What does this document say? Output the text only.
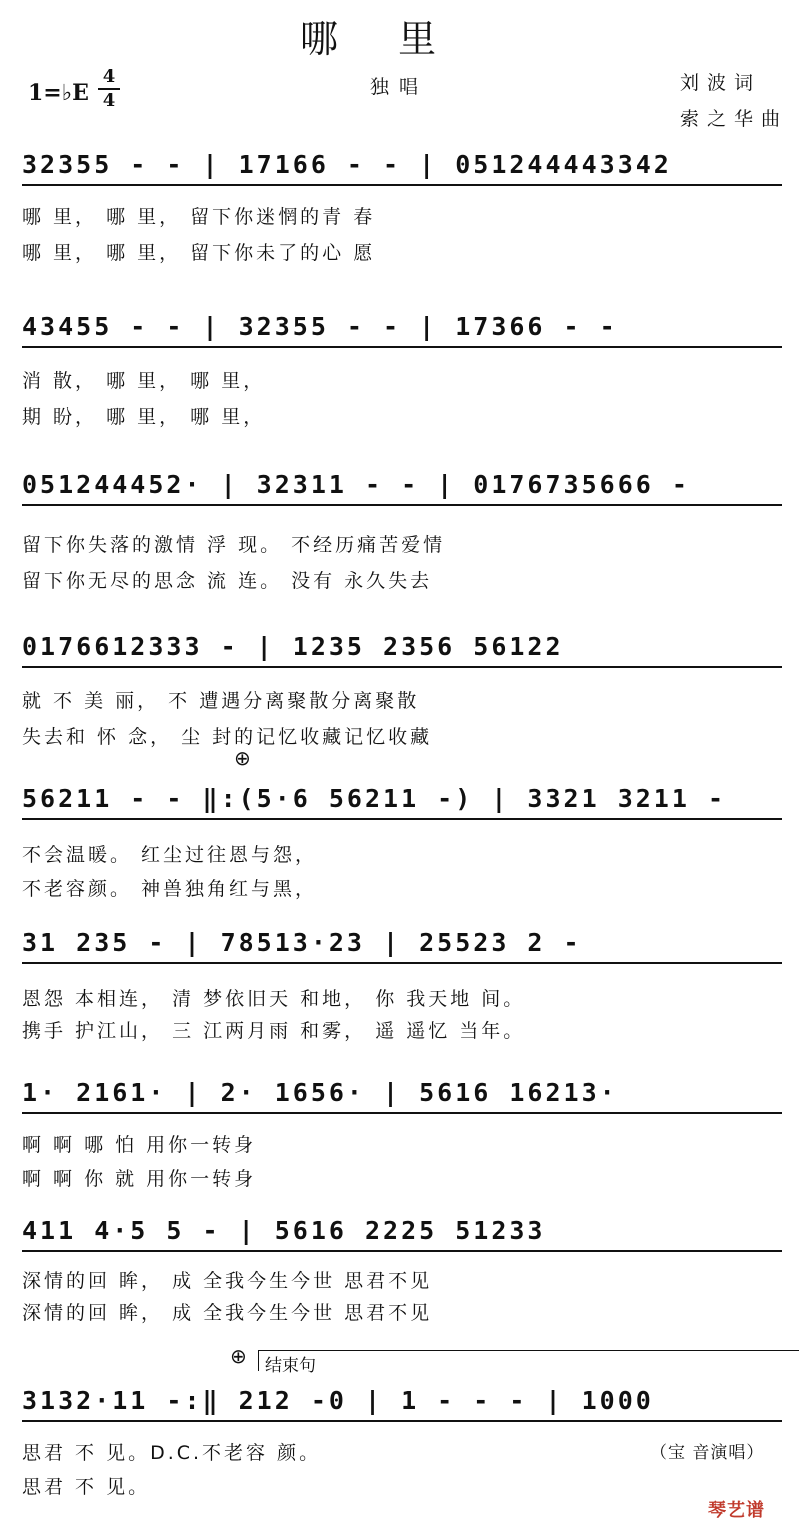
哪 里
1=♭E
4
4
独唱	刘波词
索之华曲
32355 - - | 17166 - - | 051244443342
哪 里， 哪 里， 留下你迷惘的青 春
哪 里， 哪 里， 留下你未了的心 愿
43455 - - | 32355 - - | 17366 - -
消 散， 哪 里， 哪 里，
期 盼， 哪 里， 哪 里，
051244452· | 32311 - - | 0176735666 -
留下你失落的激情 浮 现。 不经历痛苦爱情
留下你无尽的思念 流 连。 没有 永久失去
0176612333 - | 1235 2356 56122
就 不 美 丽， 不 遭遇分离聚散分离聚散
失去和 怀 念， 尘 封的记忆收藏记忆收藏
⊕
56211 - - ‖:(5·6 56211 -) | 3321 3211 -
不会温暖。 红尘过往恩与怨，
不老容颜。 神兽独角红与黑，
31 235 - | 78513·23 | 25523 2 -
恩怨 本相连， 清 梦依旧天 和地， 你 我天地 间。
携手 护江山， 三 江两月雨 和雾， 遥 遥忆 当年。
1· 2161· | 2· 1656· | 5616 16213·
啊 啊 哪 怕 用你一转身
啊 啊 你 就 用你一转身
411 4·5 5 - | 5616 2225 51233
深情的回 眸， 成 全我今生今世 思君不见
深情的回 眸， 成 全我今生今世 思君不见
⊕ 结束句
3132·11 -:‖ 212 -0 | 1 - - - | 1000
思君 不 见。D.C.不老容 颜。
思君 不 见。
（宝 音演唱）
琴艺谱
